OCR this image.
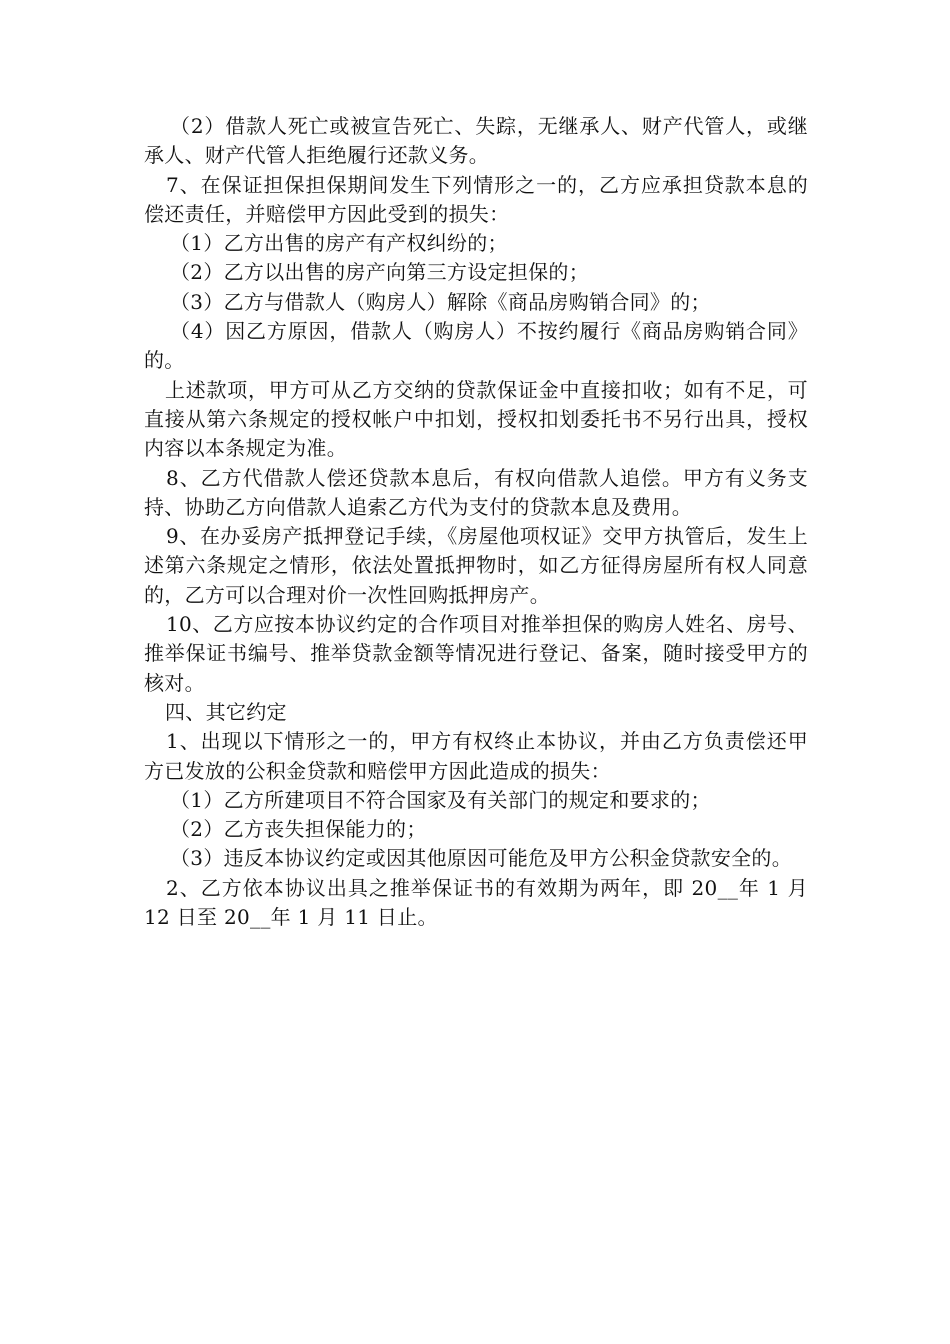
（2）借款人死亡或被宣告死亡、失踪，无继承人、财产代管人，或继承人、财产代管人拒绝履行还款义务。

7、在保证担保担保期间发生下列情形之一的，乙方应承担贷款本息的偿还责任，并赔偿甲方因此受到的损失：

（1）乙方出售的房产有产权纠纷的；

（2）乙方以出售的房产向第三方设定担保的；

（3）乙方与借款人（购房人）解除《商品房购销合同》的；

（4）因乙方原因，借款人（购房人）不按约履行《商品房购销合同》的。

上述款项，甲方可从乙方交纳的贷款保证金中直接扣收；如有不足，可直接从第六条规定的授权帐户中扣划，授权扣划委托书不另行出具，授权内容以本条规定为准。

8、乙方代借款人偿还贷款本息后，有权向借款人追偿。甲方有义务支持、协助乙方向借款人追索乙方代为支付的贷款本息及费用。

9、在办妥房产抵押登记手续，《房屋他项权证》交甲方执管后，发生上述第六条规定之情形，依法处置抵押物时，如乙方征得房屋所有权人同意的，乙方可以合理对价一次性回购抵押房产。

10、乙方应按本协议约定的合作项目对推举担保的购房人姓名、房号、推举保证书编号、推举贷款金额等情况进行登记、备案，随时接受甲方的核对。

四、其它约定

1、出现以下情形之一的，甲方有权终止本协议，并由乙方负责偿还甲方已发放的公积金贷款和赔偿甲方因此造成的损失：

（1）乙方所建项目不符合国家及有关部门的规定和要求的；

（2）乙方丧失担保能力的；

（3）违反本协议约定或因其他原因可能危及甲方公积金贷款安全的。

2、乙方依本协议出具之推举保证书的有效期为两年，即 20__年 1 月 12 日至 20__年 1 月 11 日止。
